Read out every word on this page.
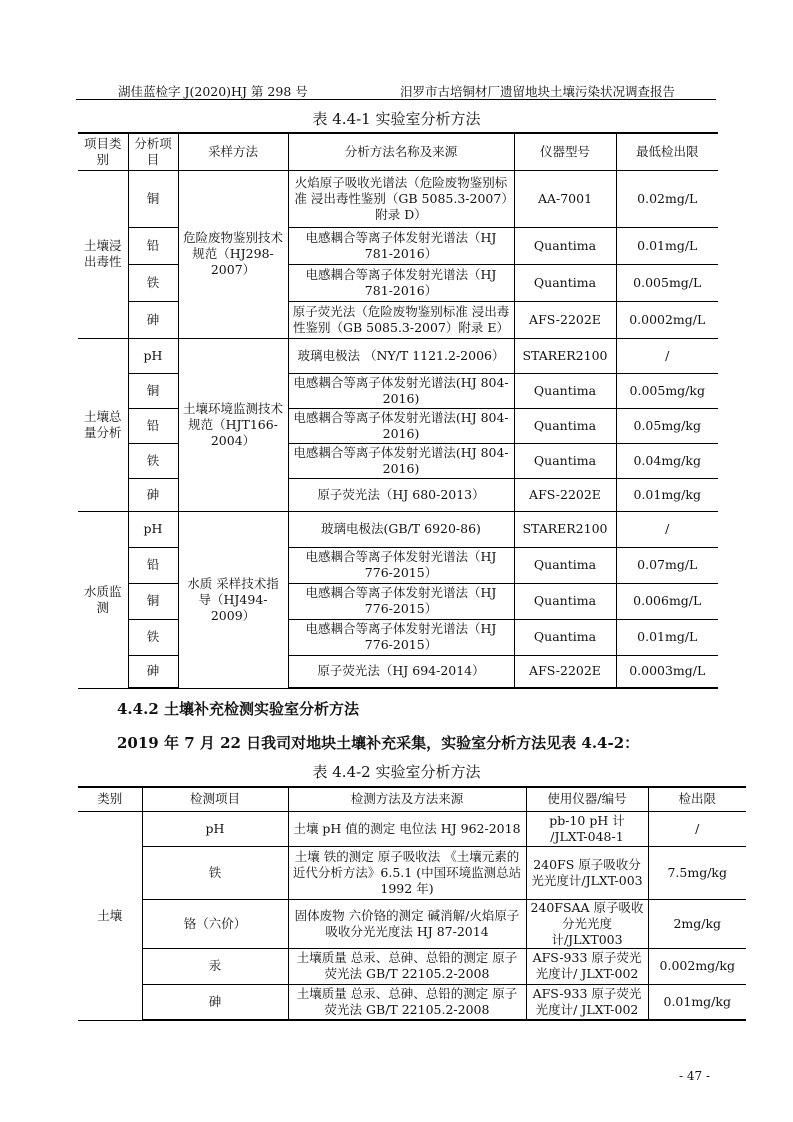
湖佳蓝检字 J(2020)HJ 第 298 号	汨罗市古培铜材厂遗留地块土壤污染状况调查报告
表 4.4-1 实验室分析方法
项目类别	分析项目	采样方法	分析方法名称及来源	仪器型号	最低检出限
土壤浸出毒性	铜	危险废物鉴别技术规范（HJ298-2007）	火焰原子吸收光谱法（危险废物鉴别标准 浸出毒性鉴别（GB 5085.3-2007）附录 D）	AA-7001	0.02mg/L
	铅		电感耦合等离子体发射光谱法（HJ 781-2016）	Quantima	0.01mg/L
	铁		电感耦合等离子体发射光谱法（HJ 781-2016）	Quantima	0.005mg/L
	砷		原子荧光法（危险废物鉴别标准 浸出毒性鉴别（GB 5085.3-2007）附录 E）	AFS-2202E	0.0002mg/L
土壤总量分析	pH	土壤环境监测技术规范（HJT166-2004）	玻璃电极法 （NY/T 1121.2-2006）	STARER2100	/
	铜		电感耦合等离子体发射光谱法(HJ 804-2016)	Quantima	0.005mg/kg
	铅		电感耦合等离子体发射光谱法(HJ 804-2016)	Quantima	0.05mg/kg
	铁		电感耦合等离子体发射光谱法(HJ 804-2016)	Quantima	0.04mg/kg
	砷		原子荧光法（HJ 680-2013）	AFS-2202E	0.01mg/kg
水质监测	pH	水质 采样技术指导（HJ494-2009）	玻璃电极法(GB/T 6920-86)	STARER2100	/
	铅		电感耦合等离子体发射光谱法（HJ 776-2015）	Quantima	0.07mg/L
	铜		电感耦合等离子体发射光谱法（HJ 776-2015）	Quantima	0.006mg/L
	铁		电感耦合等离子体发射光谱法（HJ 776-2015）	Quantima	0.01mg/L
	砷		原子荧光法（HJ 694-2014）	AFS-2202E	0.0003mg/L
4.4.2 土壤补充检测实验室分析方法
2019 年 7 月 22 日我司对地块土壤补充采集，实验室分析方法见表 4.4-2：
表 4.4-2 实验室分析方法
类别	检测项目	检测方法及方法来源	使用仪器/编号	检出限
土壤	pH	土壤 pH 值的测定 电位法 HJ 962-2018	pb-10 pH 计 /JLXT-048-1	/
	铁	土壤 铁的测定 原子吸收法 《土壤元素的近代分析方法》6.5.1 (中国环境监测总站 1992 年)	240FS 原子吸收分光光度计/JLXT-003	7.5mg/kg
	铬（六价）	固体废物 六价铬的测定 碱消解/火焰原子吸收分光光度法 HJ 87-2014	240FSAA 原子吸收分光光度计/JLXT003	2mg/kg
	汞	土壤质量 总汞、总砷、总铅的测定 原子荧光法 GB/T 22105.2-2008	AFS-933 原子荧光光度计/ JLXT-002	0.002mg/kg
	砷	土壤质量 总汞、总砷、总铅的测定 原子荧光法 GB/T 22105.2-2008	AFS-933 原子荧光光度计/ JLXT-002	0.01mg/kg
- 47 -
